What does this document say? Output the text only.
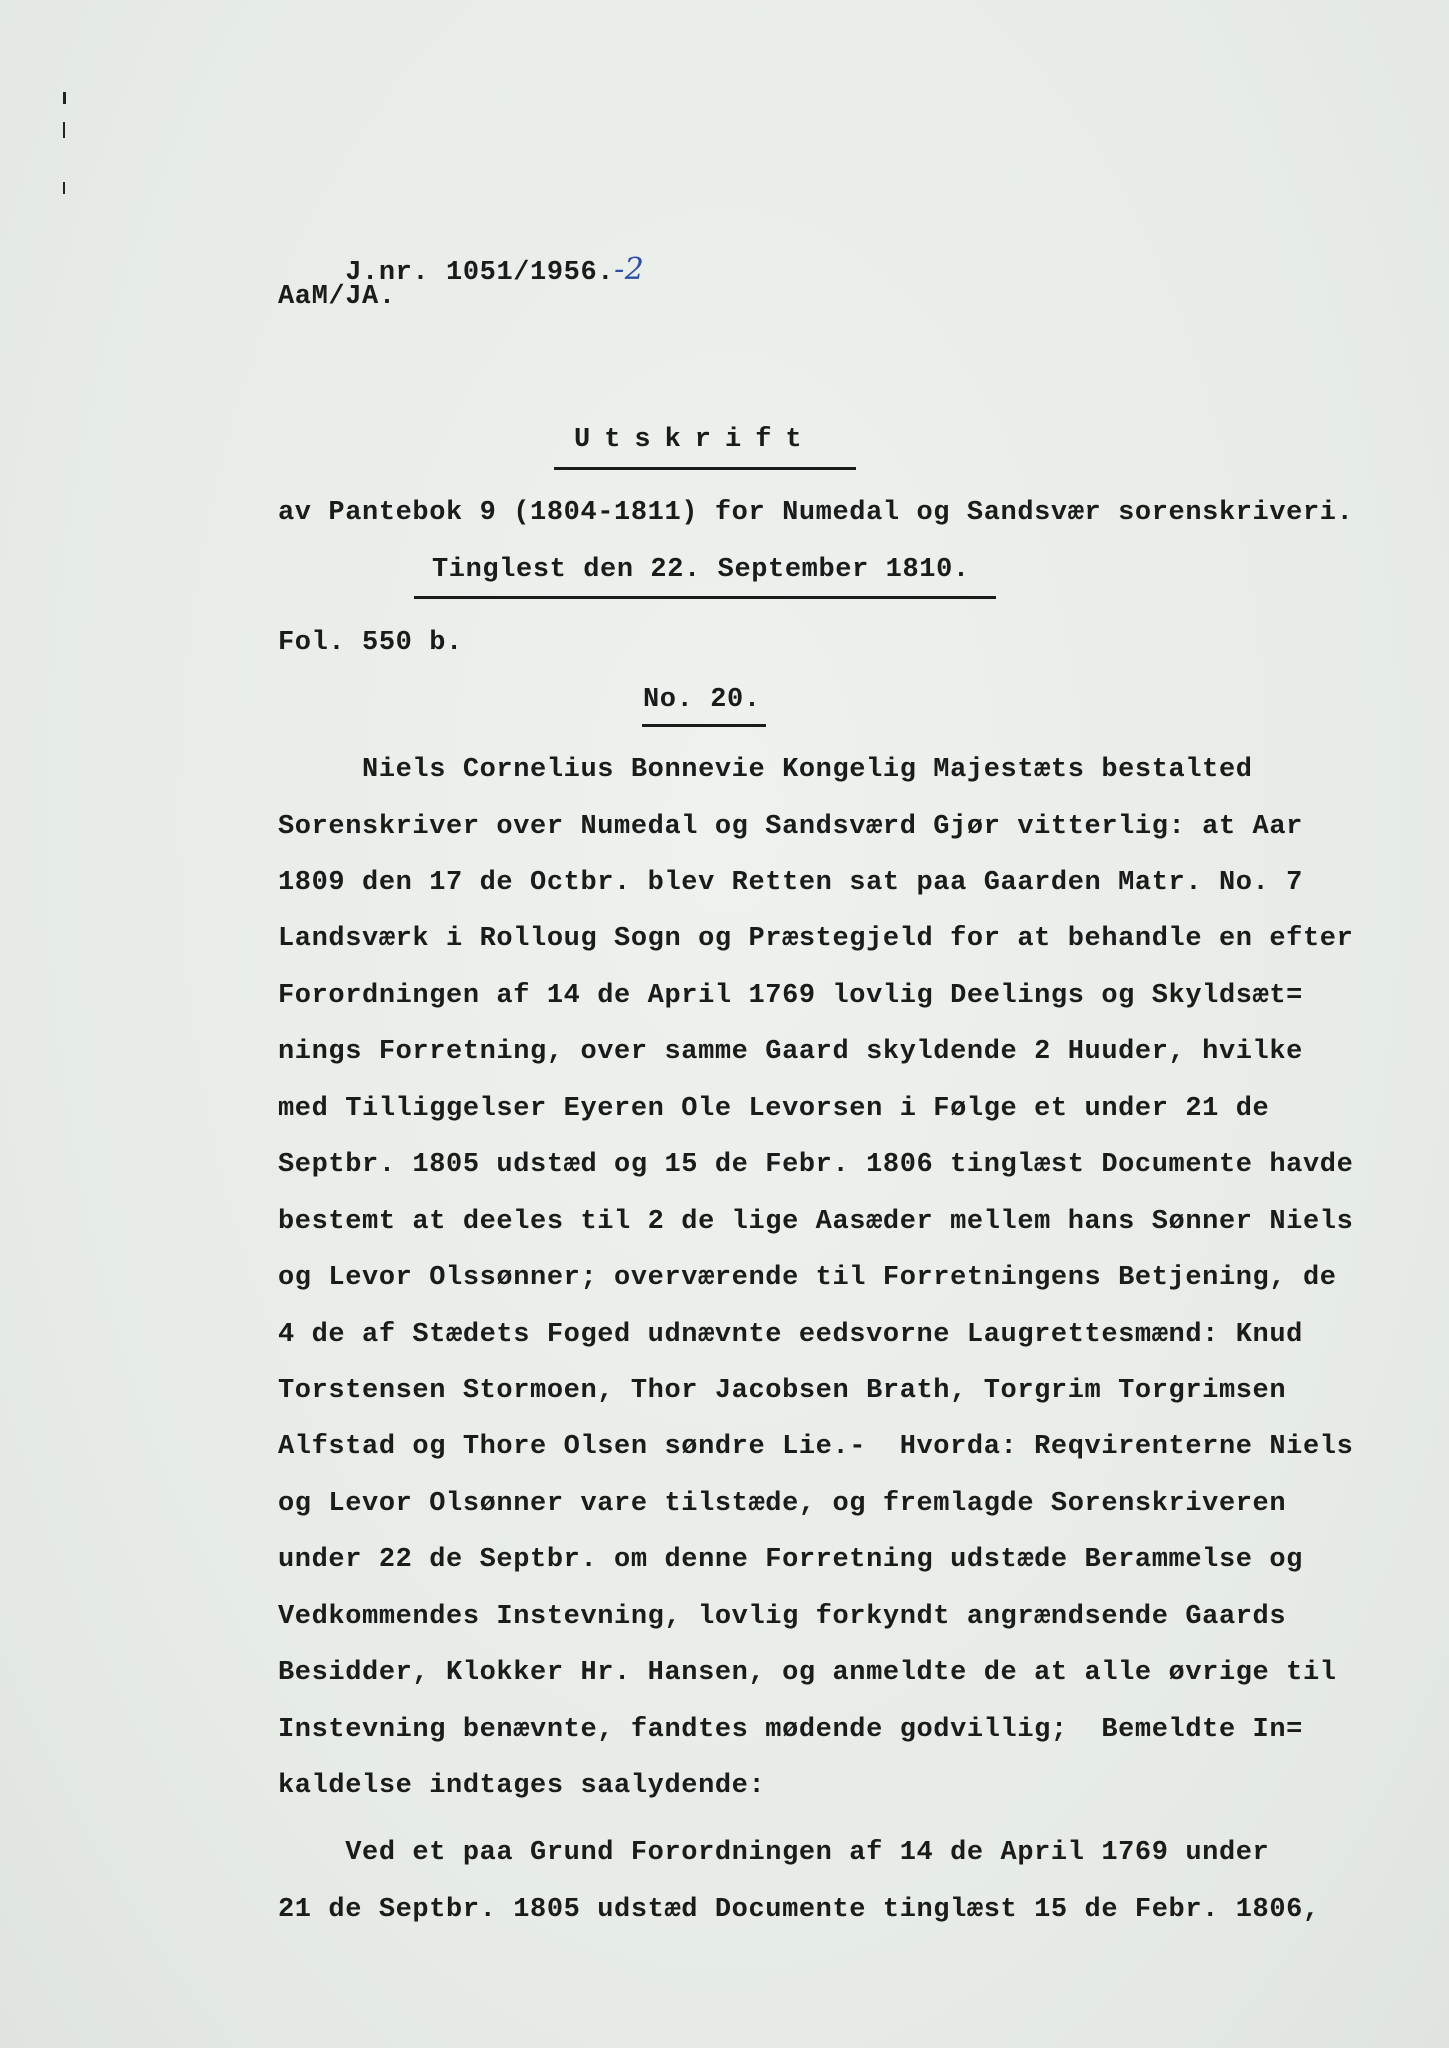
J.nr. 1051/1956.-2

AaM/JA.
Utskrift
av Pantebok 9 (1804-1811) for Numedal og Sandsvær sorenskriveri.
Tinglest den 22. September 1810.
Fol. 550 b.
No. 20.
Niels Cornelius Bonnevie Kongelig Majestæts bestalted
Sorenskriver over Numedal og Sandsværd Gjør vitterlig: at Aar
1809 den 17 de Octbr. blev Retten sat paa Gaarden Matr. No. 7
Landsværk i Rolloug Sogn og Præstegjeld for at behandle en efter
Forordningen af 14 de April 1769 lovlig Deelings og Skyldsæt=
nings Forretning, over samme Gaard skyldende 2 Huuder, hvilke
med Tilliggelser Eyeren Ole Levorsen i Følge et under 21 de
Septbr. 1805 udstæd og 15 de Febr. 1806 tinglæst Documente havde
bestemt at deeles til 2 de lige Aasæder mellem hans Sønner Niels
og Levor Olssønner; overværende til Forretningens Betjening, de
4 de af Stædets Foged udnævnte eedsvorne Laugrettesmænd: Knud
Torstensen Stormoen, Thor Jacobsen Brath, Torgrim Torgrimsen
Alfstad og Thore Olsen søndre Lie.-  Hvorda: Reqvirenterne Niels
og Levor Olsønner vare tilstæde, og fremlagde Sorenskriveren
under 22 de Septbr. om denne Forretning udstæde Berammelse og
Vedkommendes Instevning, lovlig forkyndt angrændsende Gaards
Besidder, Klokker Hr. Hansen, og anmeldte de at alle øvrige til
Instevning benævnte, fandtes mødende godvillig;  Bemeldte In=
kaldelse indtages saalydende:
Ved et paa Grund Forordningen af 14 de April 1769 under
21 de Septbr. 1805 udstæd Documente tinglæst 15 de Febr. 1806,
